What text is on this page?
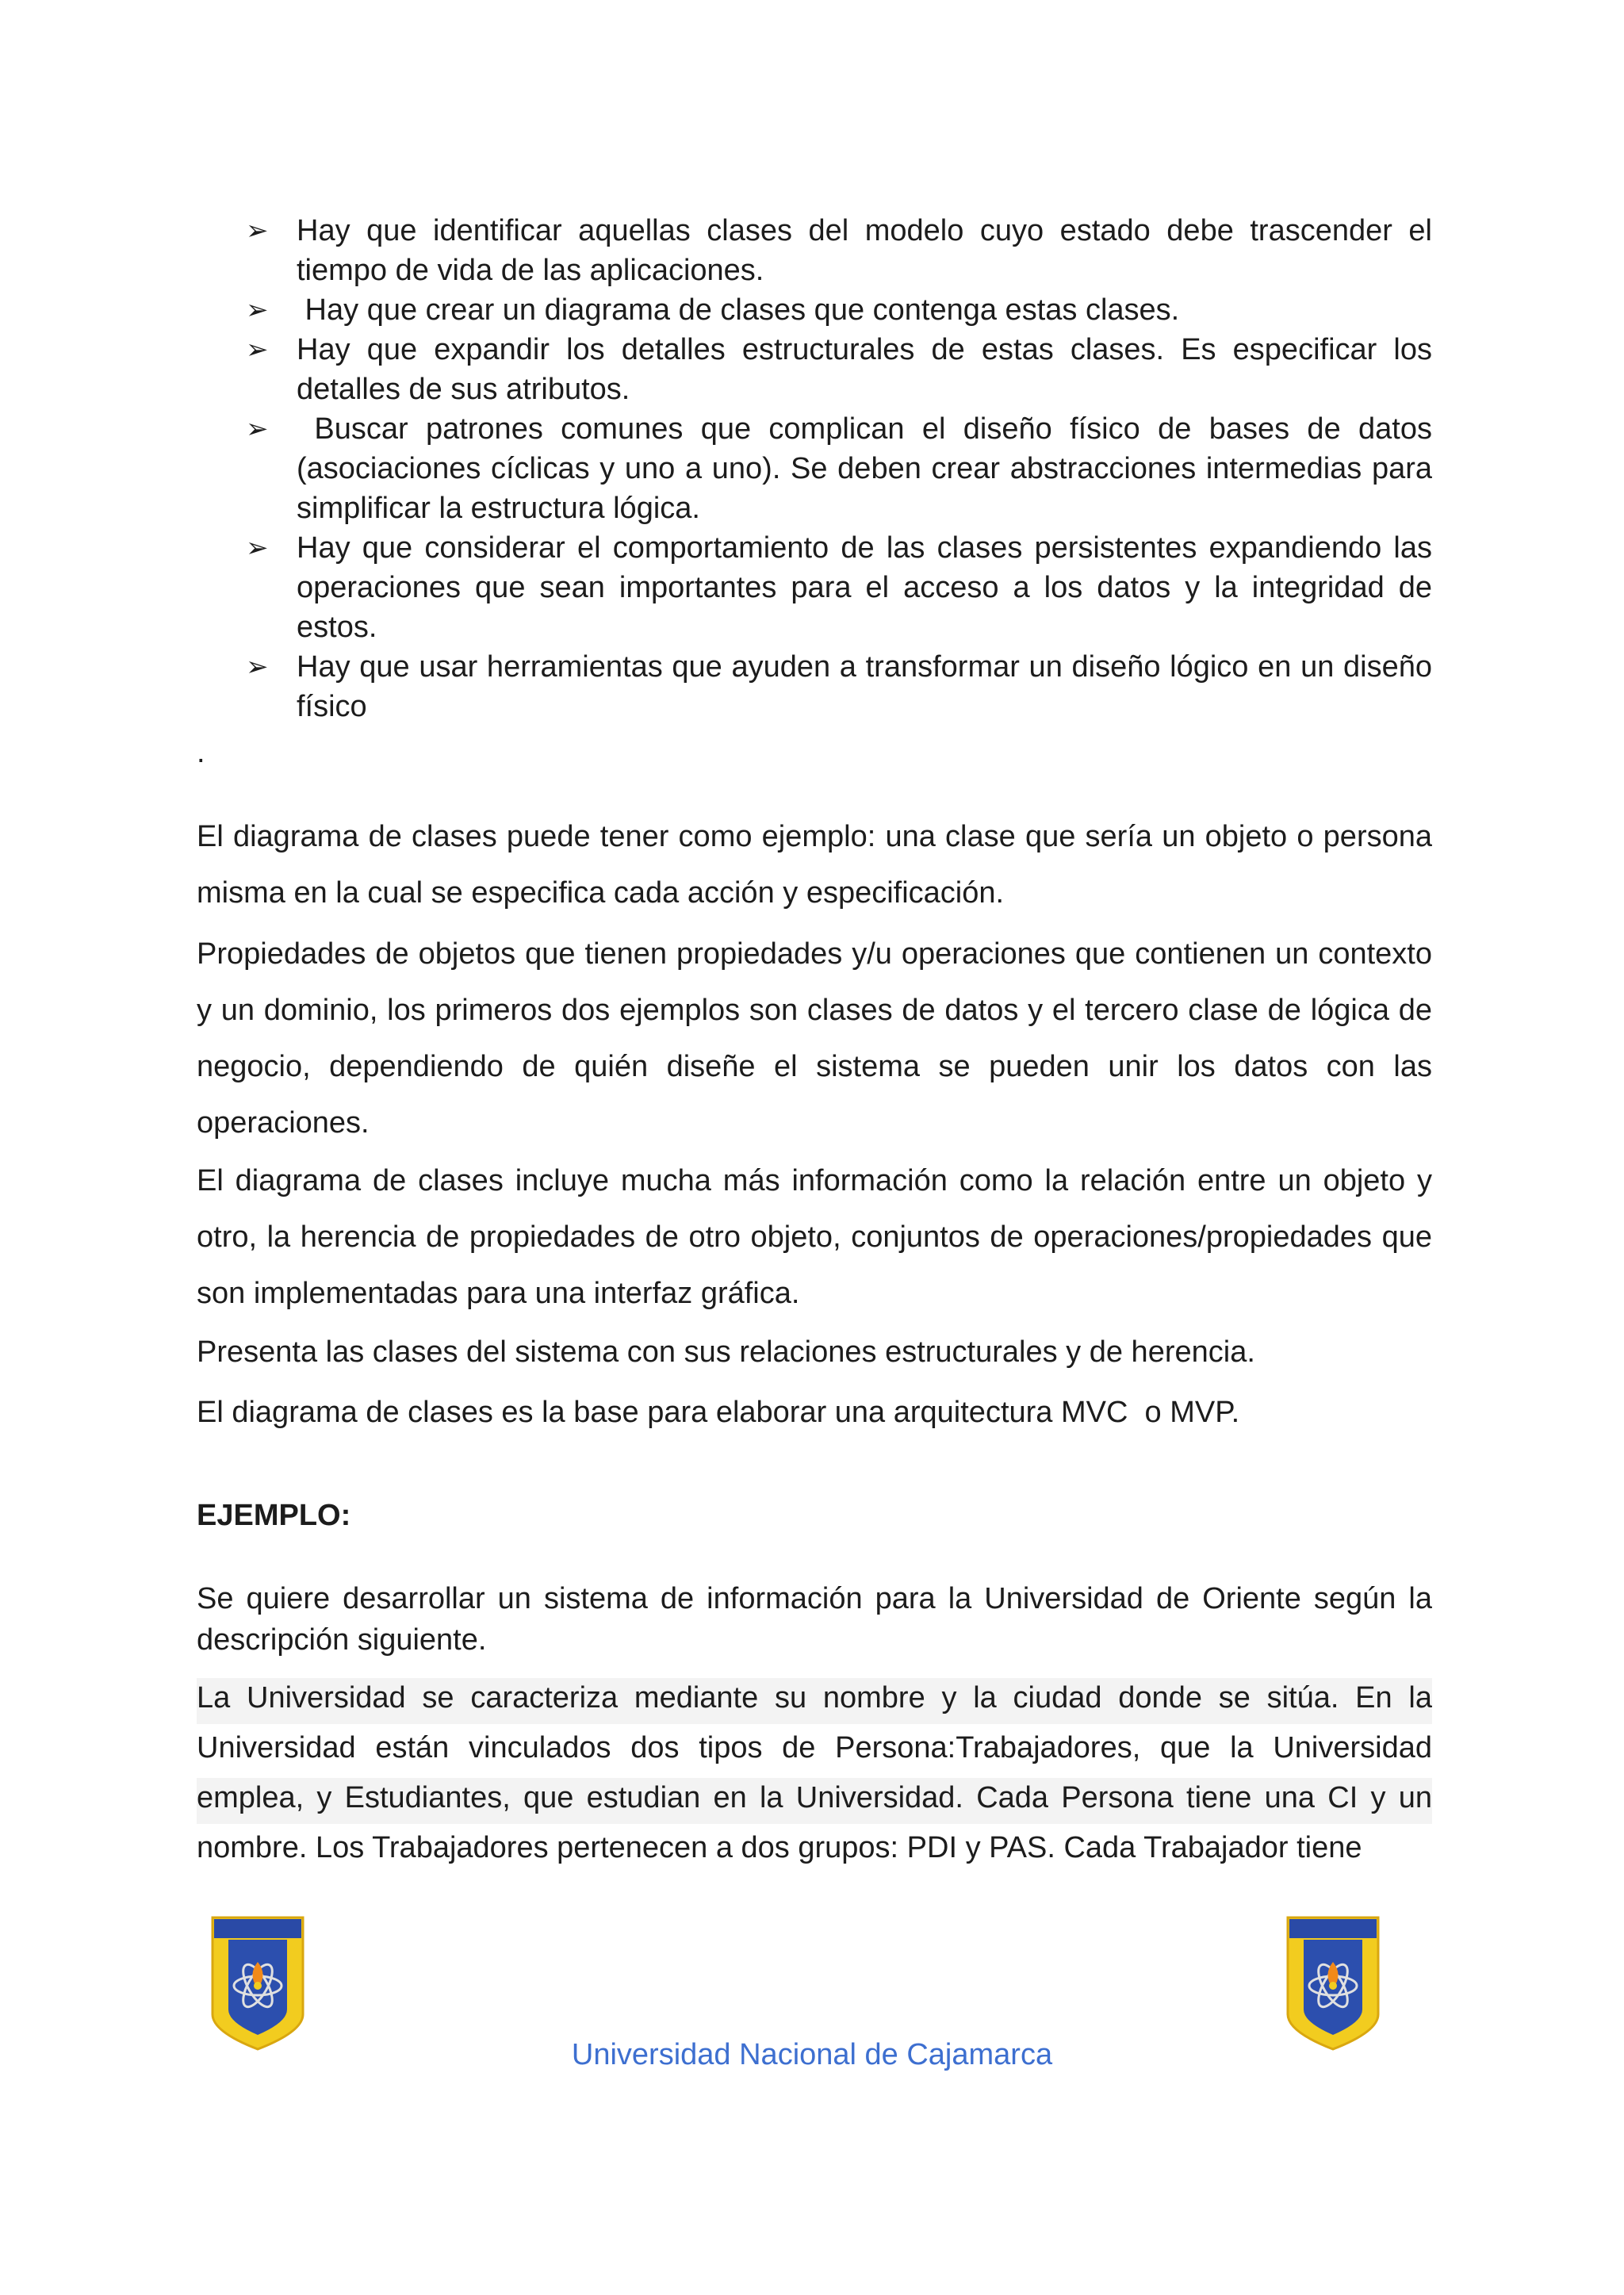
➢ Hay que identificar aquellas clases del modelo cuyo estado debe trascender el tiempo de vida de las aplicaciones.
➢ Hay que crear un diagrama de clases que contenga estas clases.
➢ Hay que expandir los detalles estructurales de estas clases. Es especificar los detalles de sus atributos.
➢ Buscar patrones comunes que complican el diseño físico de bases de datos (asociaciones cíclicas y uno a uno). Se deben crear abstracciones intermedias para simplificar la estructura lógica.
➢ Hay que considerar el comportamiento de las clases persistentes expandiendo las operaciones que sean importantes para el acceso a los datos y la integridad de estos.
➢ Hay que usar herramientas que ayuden a transformar un diseño lógico en un diseño físico
.

El diagrama de clases puede tener como ejemplo: una clase que sería un objeto o persona misma en la cual se especifica cada acción y especificación.

Propiedades de objetos que tienen propiedades y/u operaciones que contienen un contexto y un dominio, los primeros dos ejemplos son clases de datos y el tercero clase de lógica de negocio, dependiendo de quién diseñe el sistema se pueden unir los datos con las operaciones.

El diagrama de clases incluye mucha más información como la relación entre un objeto y otro, la herencia de propiedades de otro objeto, conjuntos de operaciones/propiedades que son implementadas para una interfaz gráfica.

Presenta las clases del sistema con sus relaciones estructurales y de herencia.

El diagrama de clases es la base para elaborar una arquitectura MVC  o MVP.

EJEMPLO:
Se quiere desarrollar un sistema de información para la Universidad de Oriente según la descripción siguiente.
La Universidad se caracteriza mediante su nombre y la ciudad donde se sitúa. En la Universidad están vinculados dos tipos de Persona:Trabajadores, que la Universidad emplea, y Estudiantes, que estudian en la Universidad. Cada Persona tiene una CI y un nombre. Los Trabajadores pertenecen a dos grupos: PDI y PAS. Cada Trabajador tiene
Universidad Nacional de Cajamarca
